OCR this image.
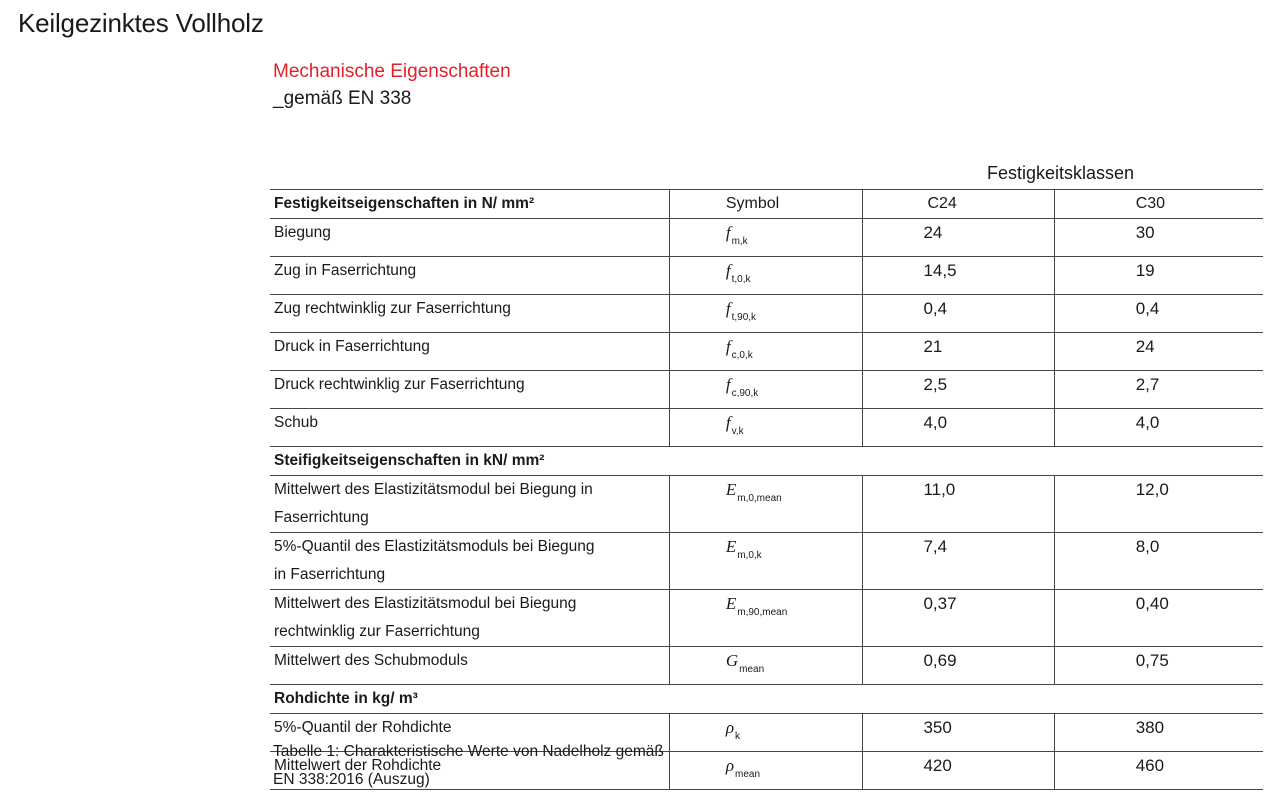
Keilgezinktes Vollholz
Mechanische Eigenschaften
_gemäß EN 338
Festigkeitsklassen
Festigkeitseigenschaften in N/ mm²	Symbol	C24	C30

Biegung	$f_{m,k}$	24	30

Zug in Faserrichtung	$f_{t,0,k}$	14,5	19

Zug rechtwinklig zur Faserrichtung	$f_{t,90,k}$	0,4	0,4

Druck in Faserrichtung	$f_{c,0,k}$	21	24

Druck rechtwinklig zur Faserrichtung	$f_{c,90,k}$	2,5	2,7

Schub	$f_{v,k}$	4,0	4,0
Steifigkeitseigenschaften in kN/ mm²			

Mittelwert des Elastizitätsmodul bei Biegung in
Faserrichtung	$E_{m,0,mean}$	11,0	12,0

5%-Quantil des Elastizitätsmoduls bei Biegung
in Faserrichtung	$E_{m,0,k}$	7,4	8,0

Mittelwert des Elastizitätsmodul bei Biegung
rechtwinklig zur Faserrichtung	$E_{m,90,mean}$	0,37	0,40

Mittelwert des Schubmoduls	$G_{mean}$	0,69	0,75
Rohdichte in kg/ m³			

5%-Quantil der Rohdichte	$\rho_k$	350	380

Mittelwert der Rohdichte	$\rho_{mean}$	420	460
Tabelle 1: Charakteristische Werte von Nadelholz gemäß
EN 338:2016 (Auszug)
